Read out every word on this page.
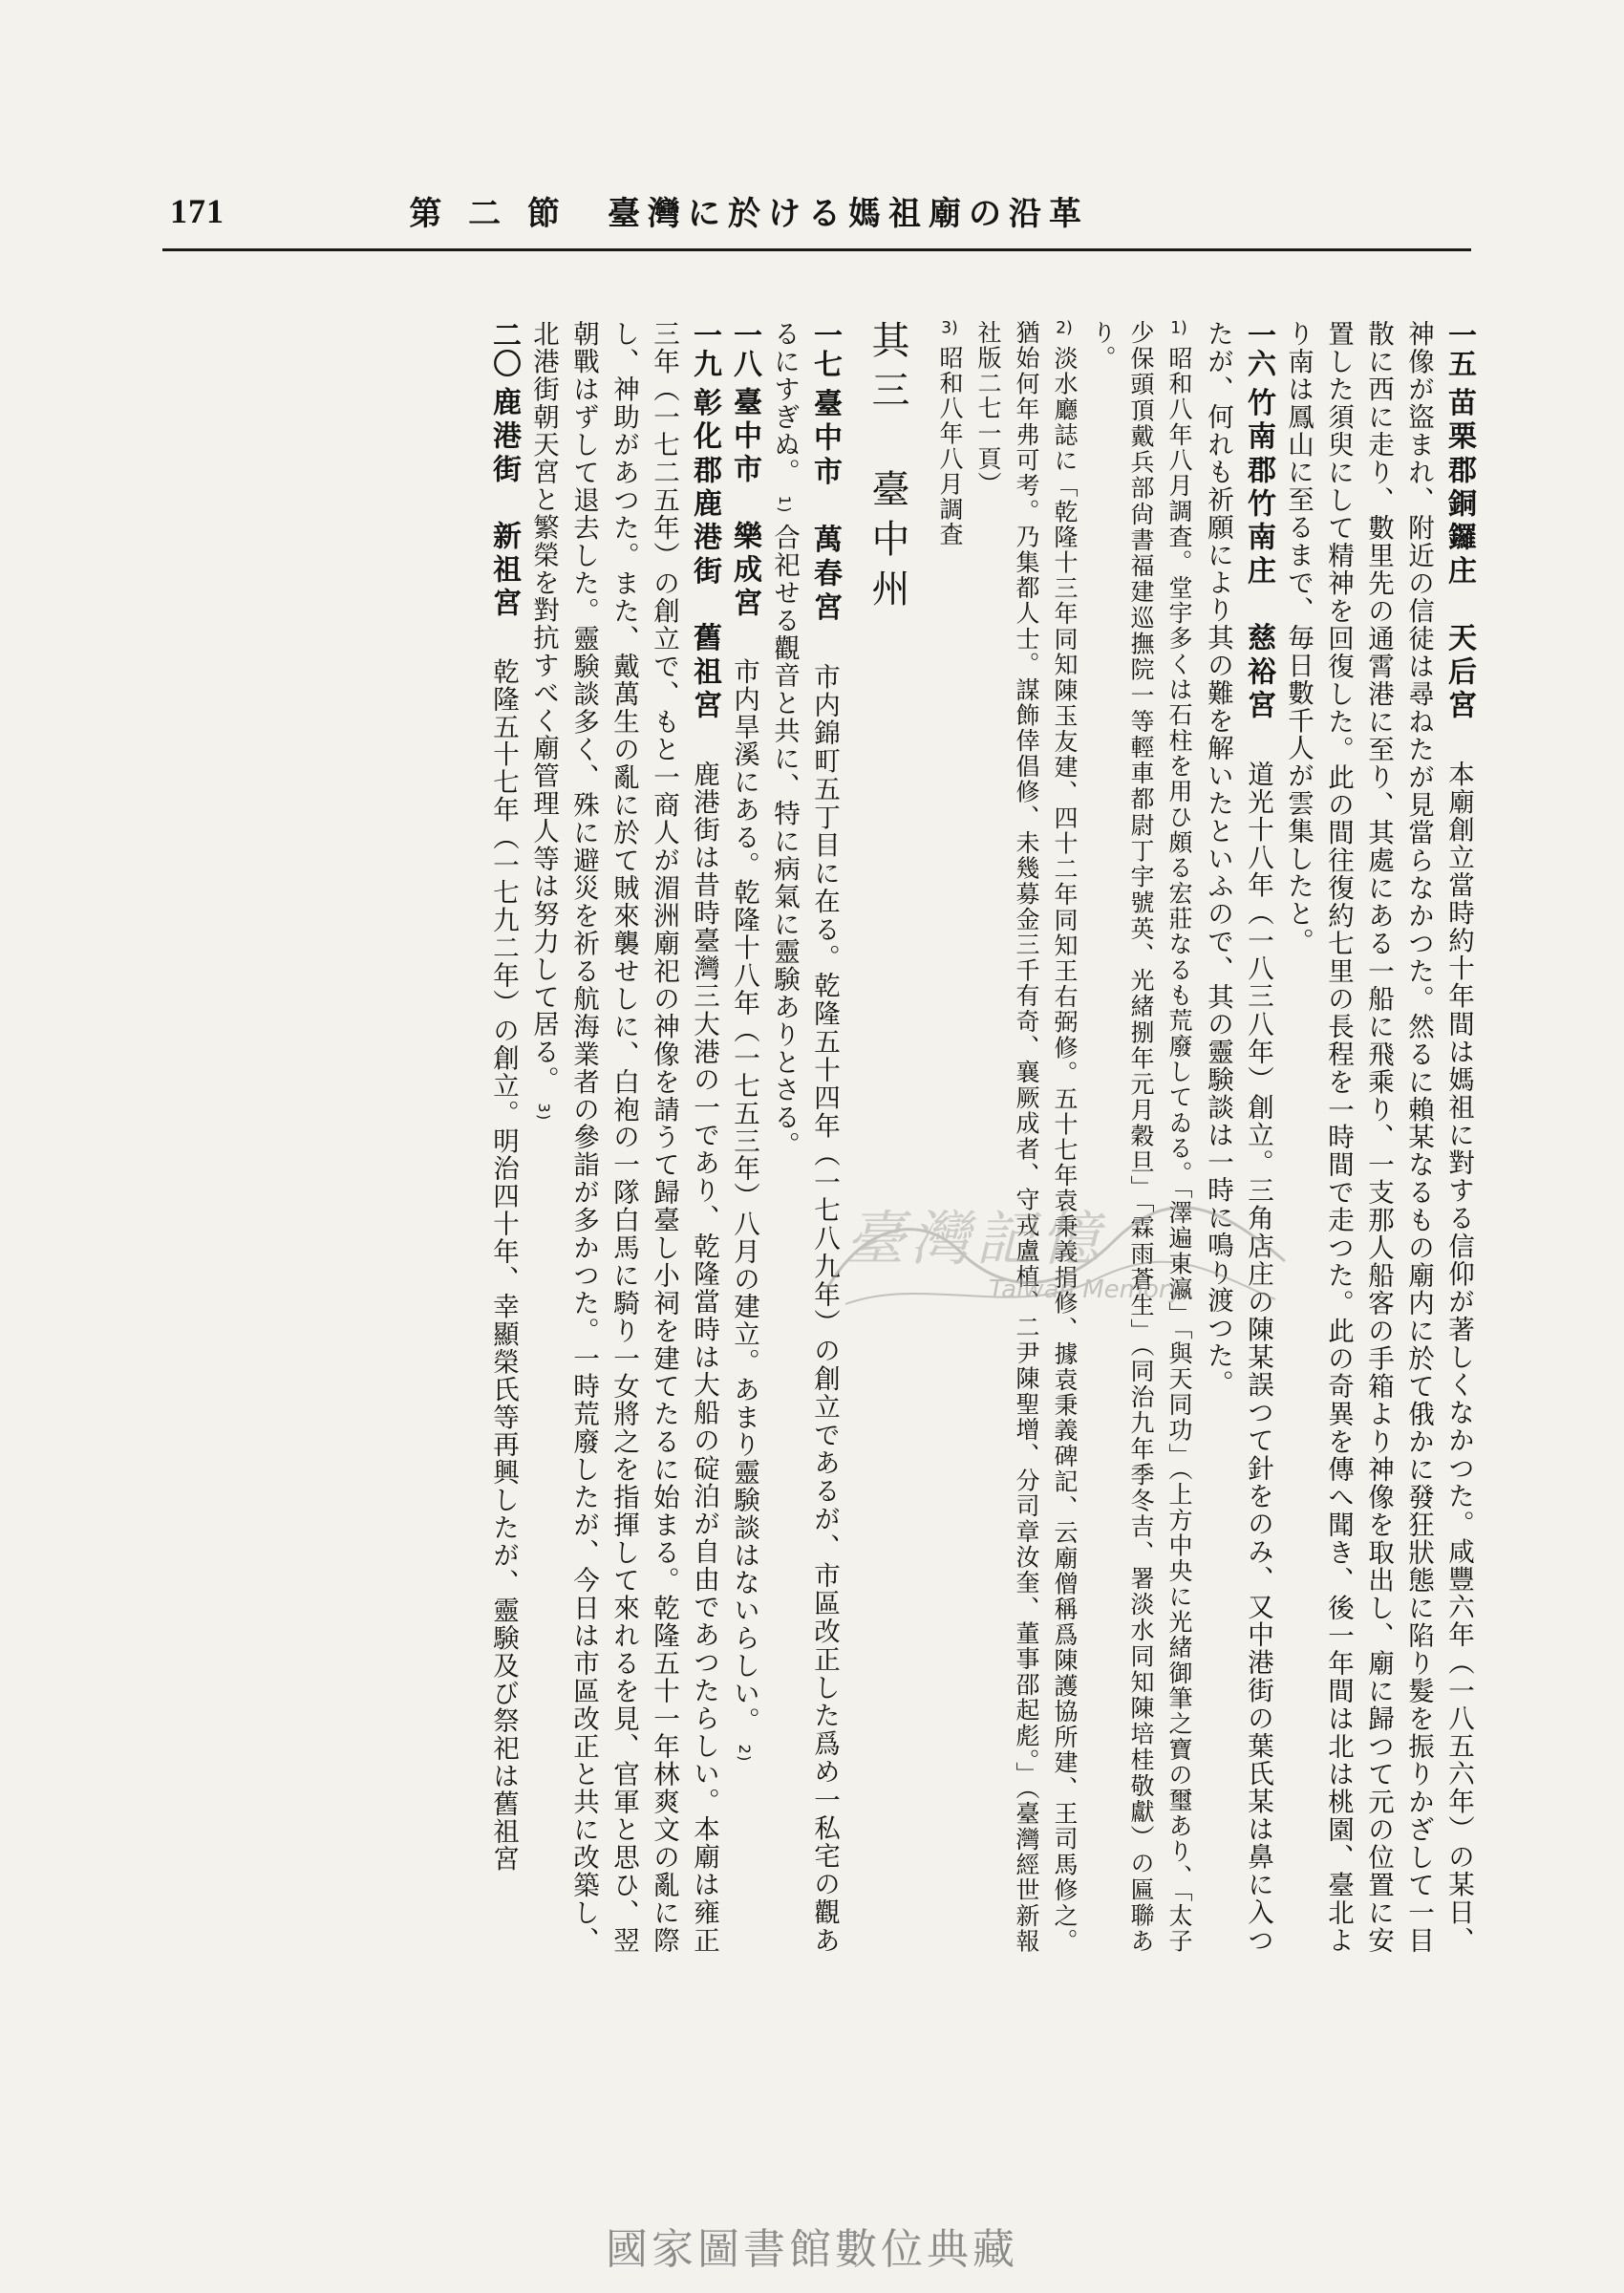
171	第 二 節　臺灣に於ける媽祖廟の沿革

一五 苗栗郡銅鑼庄　天后宮 本廟創立當時約十年間は媽祖に對する信仰が著しくなかつた。咸豐六年（一八五六年）の某日、神像が盜まれ、附近の信徒は尋ねたが見當らなかつた。然るに賴某なるもの廟内に於て俄かに發狂狀態に陷り髮を振りかざして一目散に西に走り、數里先の通霄港に至り、其處にある一船に飛乘り、一支那人船客の手箱より神像を取出し、廟に歸つて元の位置に安置した須臾にして精神を回復した。此の間往復約七里の長程を一時間で走つた。此の奇異を傳へ聞き、後一年間は北は桃園、臺北より南は鳳山に至るまで、毎日數千人が雲集したと。

一六 竹南郡竹南庄　慈裕宮 道光十八年（一八三八年）創立。三角店庄の陳某誤つて針をのみ、又中港街の葉氏某は鼻に入つたが、何れも祈願により其の難を解いたといふので、其の靈験談は一時に鳴り渡つた。

1) 昭和八年八月調査。堂宇多くは石柱を用ひ頗る宏莊なるも荒廢してゐる。「澤遍東瀛」「與天同功」（上方中央に光緒御筆之寶の璽あり、「太子少保頭頂戴兵部尙書福建巡撫院一等輕車都尉丁宇號英、光緒捌年元月穀旦」「霖雨蒼生」（同治九年季冬吉、署淡水同知陳培桂敬獻）の匾聯あり。

2) 淡水廳誌に「乾隆十三年同知陳玉友建、四十二年同知王右弼修。五十七年袁秉義捐修、據袁秉義碑記、云廟僧稱爲陳護協所建、王司馬修之。猶始何年弗可考。乃集都人士。謀飾倖倡修、未幾募金三千有奇、襄厥成者、守戎盧植、二尹陳聖增、分司章汝奎、董事邵起彪。」（臺灣經世新報社版二七一頁）

3) 昭和八年八月調査

其三　臺中州

一七 臺中市　萬春宮 市内錦町五丁目に在る。乾隆五十四年（一七八九年）の創立であるが、市區改正した爲め一私宅の觀あるにすぎぬ。 1) 合祀せる觀音と共に、特に病氣に靈験ありとさる。

一八 臺中市　樂成宮 市内旱溪にある。乾隆十八年（一七五三年）八月の建立。あまり靈験談はないらしい。 2)

一九 彰化郡鹿港街　舊祖宮 鹿港街は昔時臺灣三大港の一であり、乾隆當時は大船の碇泊が自由であつたらしい。本廟は雍正三年（一七二五年）の創立で、もと一商人が湄洲廟祀の神像を請うて歸臺し小祠を建てたるに始まる。乾隆五十一年林爽文の亂に際し、神助があつた。また、戴萬生の亂に於て賊來襲せしに、白袍の一隊白馬に騎り一女將之を指揮して來れるを見、官軍と思ひ、翌朝戰はずして退去した。靈験談多く、殊に避災を祈る航海業者の參詣が多かつた。一時荒廢したが、今日は市區改正と共に改築し、北港街朝天宮と繁榮を對抗すべく廟管理人等は努力して居る。 3)

二〇 鹿港街　新祖宮 乾隆五十七年（一七九二年）の創立。明治四十年、幸顯榮氏等再興したが、靈験及び祭祀は舊祖宮	臺灣記憶
Taiwan Memory
國家圖書館數位典藏
